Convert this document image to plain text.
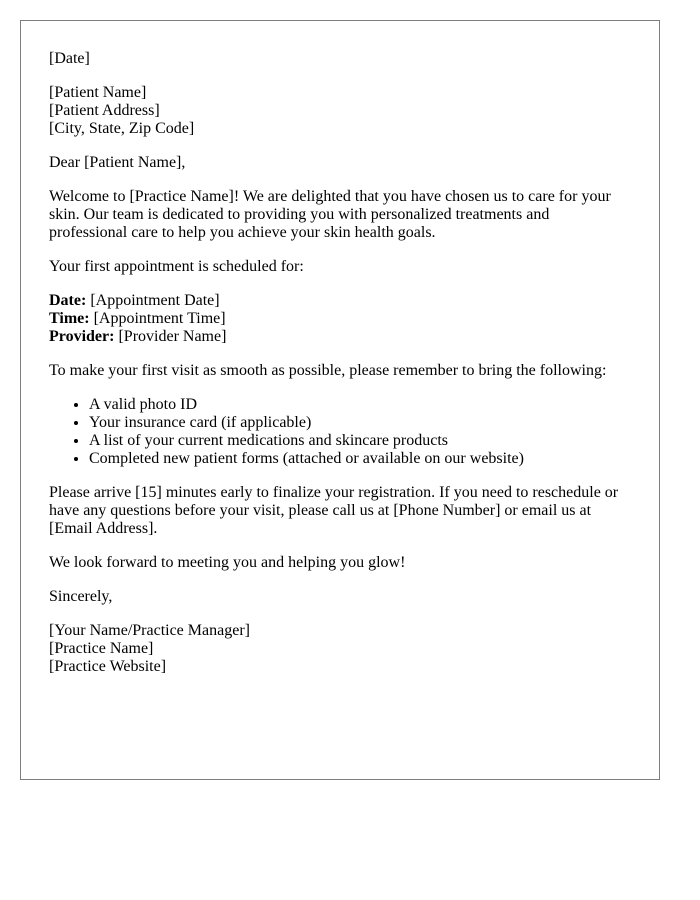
[Date]

[Patient Name]
[Patient Address]
[City, State, Zip Code]

Dear [Patient Name],

Welcome to [Practice Name]! We are delighted that you have chosen us to care for your skin. Our team is dedicated to providing you with personalized treatments and professional care to help you achieve your skin health goals.

Your first appointment is scheduled for:

Date: [Appointment Date]
Time: [Appointment Time]
Provider: [Provider Name]

To make your first visit as smooth as possible, please remember to bring the following:

• A valid photo ID
• Your insurance card (if applicable)
• A list of your current medications and skincare products
• Completed new patient forms (attached or available on our website)

Please arrive [15] minutes early to finalize your registration. If you need to reschedule or have any questions before your visit, please call us at [Phone Number] or email us at [Email Address].

We look forward to meeting you and helping you glow!

Sincerely,

[Your Name/Practice Manager]
[Practice Name]
[Practice Website]
